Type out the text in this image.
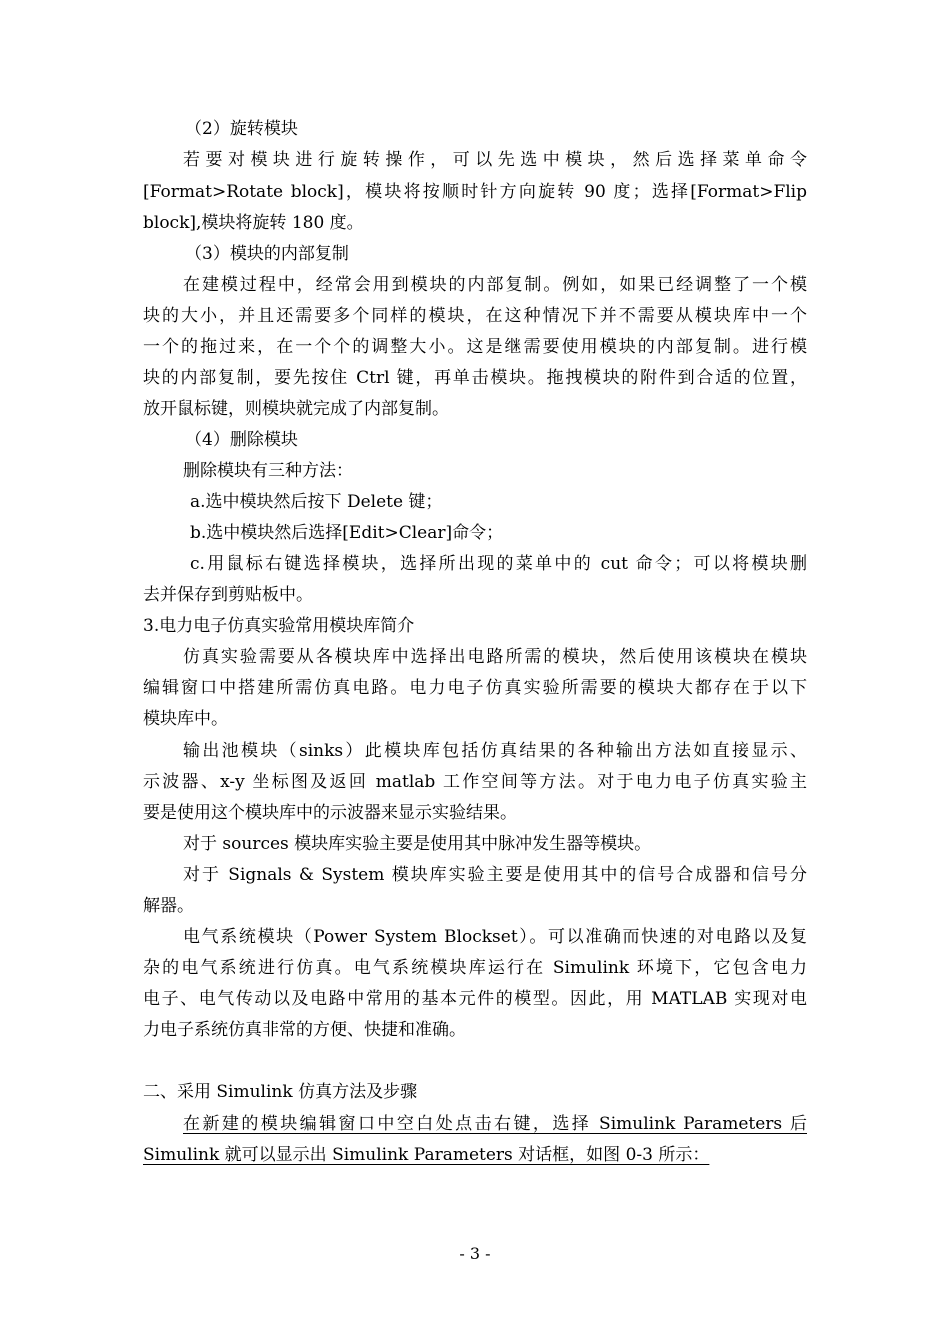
（2）旋转模块
若要对模块进行旋转操作，可以先选中模块，然后选择菜单命令
[Format>Rotate block]，模块将按顺时针方向旋转 90 度；选择[Format>Flip
block],模块将旋转 180 度。
（3）模块的内部复制
在建模过程中，经常会用到模块的内部复制。例如，如果已经调整了一个模
块的大小，并且还需要多个同样的模块，在这种情况下并不需要从模块库中一个
一个的拖过来，在一个个的调整大小。这是继需要使用模块的内部复制。进行模
块的内部复制，要先按住 Ctrl 键，再单击模块。拖拽模块的附件到合适的位置，
放开鼠标键，则模块就完成了内部复制。
（4）删除模块
删除模块有三种方法：
a.选中模块然后按下 Delete 键；
b.选中模块然后选择[Edit>Clear]命令；
c.用鼠标右键选择模块，选择所出现的菜单中的 cut 命令；可以将模块删
去并保存到剪贴板中。
3.电力电子仿真实验常用模块库简介
仿真实验需要从各模块库中选择出电路所需的模块，然后使用该模块在模块
编辑窗口中搭建所需仿真电路。电力电子仿真实验所需要的模块大都存在于以下
模块库中。
输出池模块（sinks）此模块库包括仿真结果的各种输出方法如直接显示、
示波器、x-y 坐标图及返回 matlab 工作空间等方法。对于电力电子仿真实验主
要是使用这个模块库中的示波器来显示实验结果。
对于 sources 模块库实验主要是使用其中脉冲发生器等模块。
对于 Signals & System 模块库实验主要是使用其中的信号合成器和信号分
解器。
电气系统模块（Power System Blockset）。可以准确而快速的对电路以及复
杂的电气系统进行仿真。电气系统模块库运行在 Simulink 环境下，它包含电力
电子、电气传动以及电路中常用的基本元件的模型。因此，用 MATLAB 实现对电
力电子系统仿真非常的方便、快捷和准确。
二、采用 Simulink 仿真方法及步骤
在新建的模块编辑窗口中空白处点击右键，选择 Simulink Parameters 后
Simulink 就可以显示出 Simulink Parameters 对话框，如图 0-3 所示：
- 3 -
